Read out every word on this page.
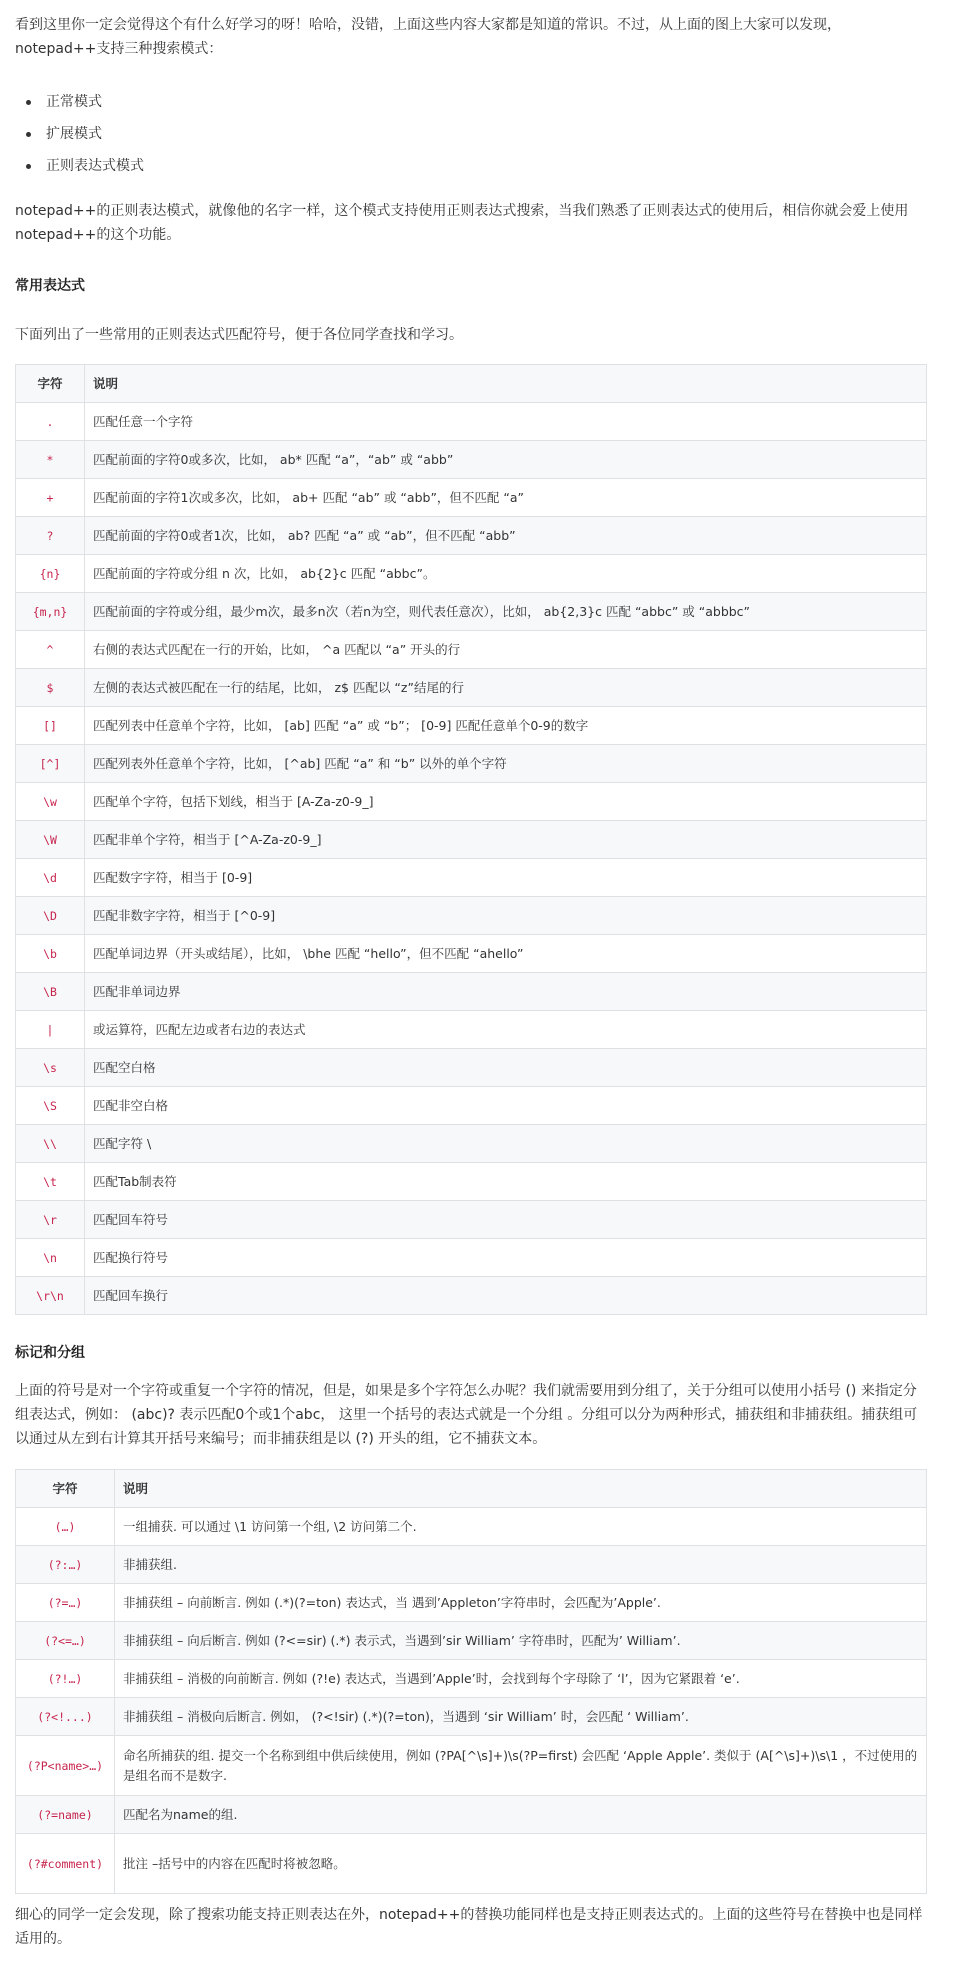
看到这里你一定会觉得这个有什么好学习的呀！哈哈，没错，上面这些内容大家都是知道的常识。不过，从上面的图上大家可以发现，notepad++支持三种搜索模式：

正常模式
扩展模式
正则表达式模式

notepad++的正则表达模式，就像他的名字一样，这个模式支持使用正则表达式搜索，当我们熟悉了正则表达式的使用后，相信你就会爱上使用notepad++的这个功能。

常用表达式

下面列出了一些常用的正则表达式匹配符号，便于各位同学查找和学习。

字符	说明
.	匹配任意一个字符
*	匹配前面的字符0或多次，比如， ab* 匹配 “a”，“ab” 或 “abb”
+	匹配前面的字符1次或多次，比如， ab+ 匹配 “ab” 或 “abb”，但不匹配 “a”
?	匹配前面的字符0或者1次，比如， ab? 匹配 “a” 或 “ab”，但不匹配 “abb”
{n}	匹配前面的字符或分组 n 次，比如， ab{2}c 匹配 “abbc”。
{m,n}	匹配前面的字符或分组，最少m次，最多n次（若n为空，则代表任意次），比如， ab{2,3}c 匹配 “abbc” 或 “abbbc”
^	右侧的表达式匹配在一行的开始，比如， ^a 匹配以 “a” 开头的行
$	左侧的表达式被匹配在一行的结尾，比如， z$ 匹配以 “z”结尾的行
[]	匹配列表中任意单个字符，比如， [ab] 匹配 “a” 或 “b”； [0-9] 匹配任意单个0-9的数字
[^]	匹配列表外任意单个字符，比如， [^ab] 匹配 “a” 和 “b” 以外的单个字符
\w	匹配单个字符，包括下划线，相当于 [A-Za-z0-9_]
\W	匹配非单个字符，相当于 [^A-Za-z0-9_]
\d	匹配数字字符，相当于 [0-9]
\D	匹配非数字字符，相当于 [^0-9]
\b	匹配单词边界（开头或结尾），比如， \bhe 匹配 “hello”，但不匹配 “ahello”
\B	匹配非单词边界
|	或运算符，匹配左边或者右边的表达式
\s	匹配空白格
\S	匹配非空白格
\\	匹配字符 \
\t	匹配Tab制表符
\r	匹配回车符号
\n	匹配换行符号
\r\n	匹配回车换行
标记和分组

上面的符号是对一个字符或重复一个字符的情况，但是，如果是多个字符怎么办呢？我们就需要用到分组了，关于分组可以使用小括号 () 来指定分组表达式，例如： (abc)? 表示匹配0个或1个abc， 这里一个括号的表达式就是一个分组 。分组可以分为两种形式，捕获组和非捕获组。捕获组可以通过从左到右计算其开括号来编号；而非捕获组是以 (?) 开头的组，它不捕获文本。

字符	说明
(…)	一组捕获. 可以通过 \1 访问第一个组, \2 访问第二个.
(?:…)	非捕获组.
(?=…)	非捕获组 – 向前断言. 例如 (.*)(?=ton) 表达式，当 遇到’Appleton’字符串时，会匹配为’Apple’.
(?<=…)	非捕获组 – 向后断言. 例如 (?<=sir) (.*) 表示式，当遇到’sir William’ 字符串时，匹配为’ William’.
(?!…)	非捕获组 – 消极的向前断言. 例如 (?!e) 表达式，当遇到’Apple’时，会找到每个字母除了 ‘l’，因为它紧跟着 ‘e’.
(?<!...)	非捕获组 – 消极向后断言. 例如， (?<!sir) (.*)(?=ton)，当遇到 ‘sir William’ 时，会匹配 ‘ William’.
(?P<name>…)	命名所捕获的组. 提交一个名称到组中供后续使用，例如 (?PA[^\s]+)\s(?P=first) 会匹配 ‘Apple Apple’. 类似于 (A[^\s]+)\s\1 ，不过使用的是组名而不是数字.
(?=name)	匹配名为name的组.
(?#comment)	批注 –括号中的内容在匹配时将被忽略。

细心的同学一定会发现，除了搜索功能支持正则表达在外，notepad++的替换功能同样也是支持正则表达式的。上面的这些符号在替换中也是同样适用的。
